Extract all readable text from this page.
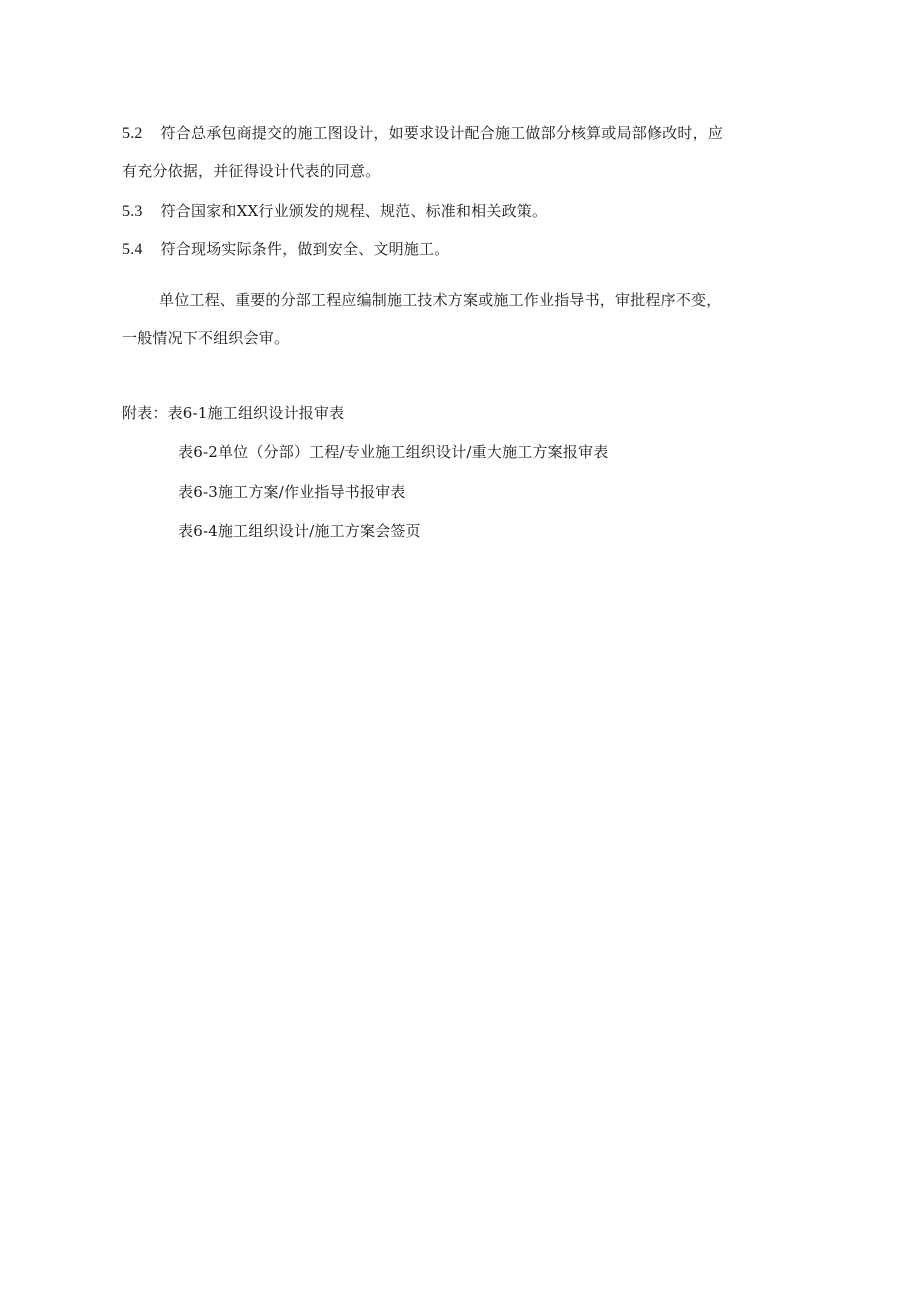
5.2 符合总承包商提交的施工图设计，如要求设计配合施工做部分核算或局部修改时，应
有充分依据，并征得设计代表的同意。
5.3 符合国家和XX行业颁发的规程、规范、标准和相关政策。
5.4 符合现场实际条件，做到安全、文明施工。
单位工程、重要的分部工程应编制施工技术方案或施工作业指导书，审批程序不变，
一般情况下不组织会审。
附表：表6-1施工组织设计报审表
表6-2单位（分部）工程/专业施工组织设计/重大施工方案报审表
表6-3施工方案/作业指导书报审表
表6-4施工组织设计/施工方案会签页
